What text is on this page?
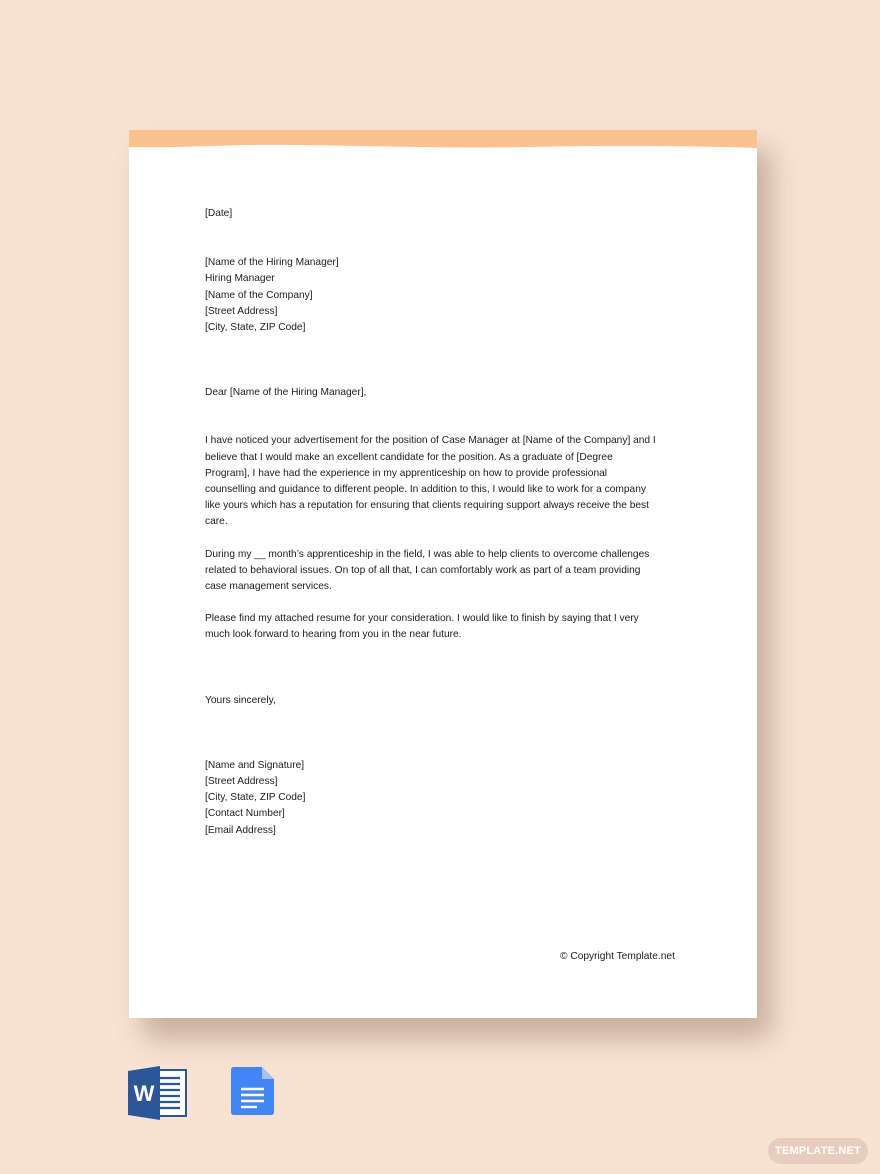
[Date]

[Name of the Hiring Manager]

Hiring Manager

[Name of the Company]

[Street Address]

[City, State, ZIP Code]

Dear [Name of the Hiring Manager],

I have noticed your advertisement for the position of Case Manager at [Name of the Company] and I

believe that I would make an excellent candidate for the position. As a graduate of [Degree

Program], I have had the experience in my apprenticeship on how to provide professional

counselling and guidance to different people. In addition to this, I would like to work for a company

like yours which has a reputation for ensuring that clients requiring support always receive the best

care.

During my __ month’s apprenticeship in the field, I was able to help clients to overcome challenges

related to behavioral issues. On top of all that, I can comfortably work as part of a team providing

case management services.

Please find my attached resume for your consideration. I would like to finish by saying that I very

much look forward to hearing from you in the near future.

Yours sincerely,

[Name and Signature]

[Street Address]

[City, State, ZIP Code]

[Contact Number]

[Email Address]

© Copyright Template.net
W
TEMPLATE.NET
